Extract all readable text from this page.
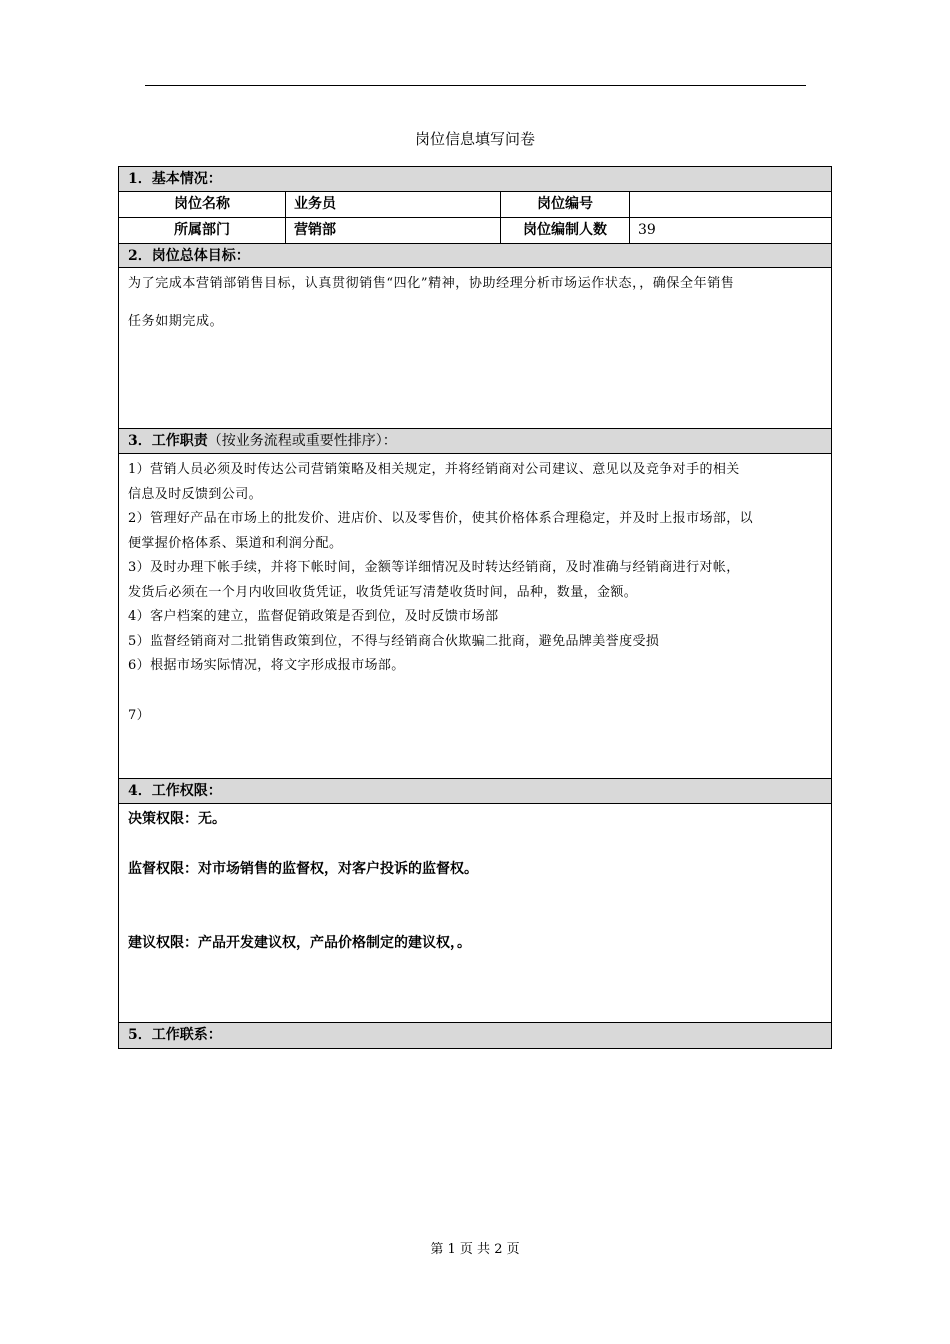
岗位信息填写问卷
1．基本情况：
岗位名称	业务员	岗位编号
所属部门	营销部	岗位编制人数	39
2．岗位总体目标：

为了完成本营销部销售目标，认真贯彻销售“四化”精神，协助经理分析市场运作状态，，确保全年销售

任务如期完成。

3．工作职责（按业务流程或重要性排序）：

1）营销人员必须及时传达公司营销策略及相关规定，并将经销商对公司建议、意见以及竞争对手的相关

信息及时反馈到公司。

2）管理好产品在市场上的批发价、进店价、以及零售价，使其价格体系合理稳定，并及时上报市场部，以

便掌握价格体系、渠道和利润分配。

3）及时办理下帐手续，并将下帐时间，金额等详细情况及时转达经销商，及时准确与经销商进行对帐，

发货后必须在一个月内收回收货凭证，收货凭证写清楚收货时间，品种，数量，金额。

4）客户档案的建立，监督促销政策是否到位，及时反馈市场部

5）监督经销商对二批销售政策到位，不得与经销商合伙欺骗二批商，避免品牌美誉度受损

6）根据市场实际情况，将文字形成报市场部。

7）

4．工作权限：

决策权限：无。

监督权限：对市场销售的监督权，对客户投诉的监督权。

建议权限：产品开发建议权，产品价格制定的建议权，。

5．工作联系：
第 1 页 共 2 页
